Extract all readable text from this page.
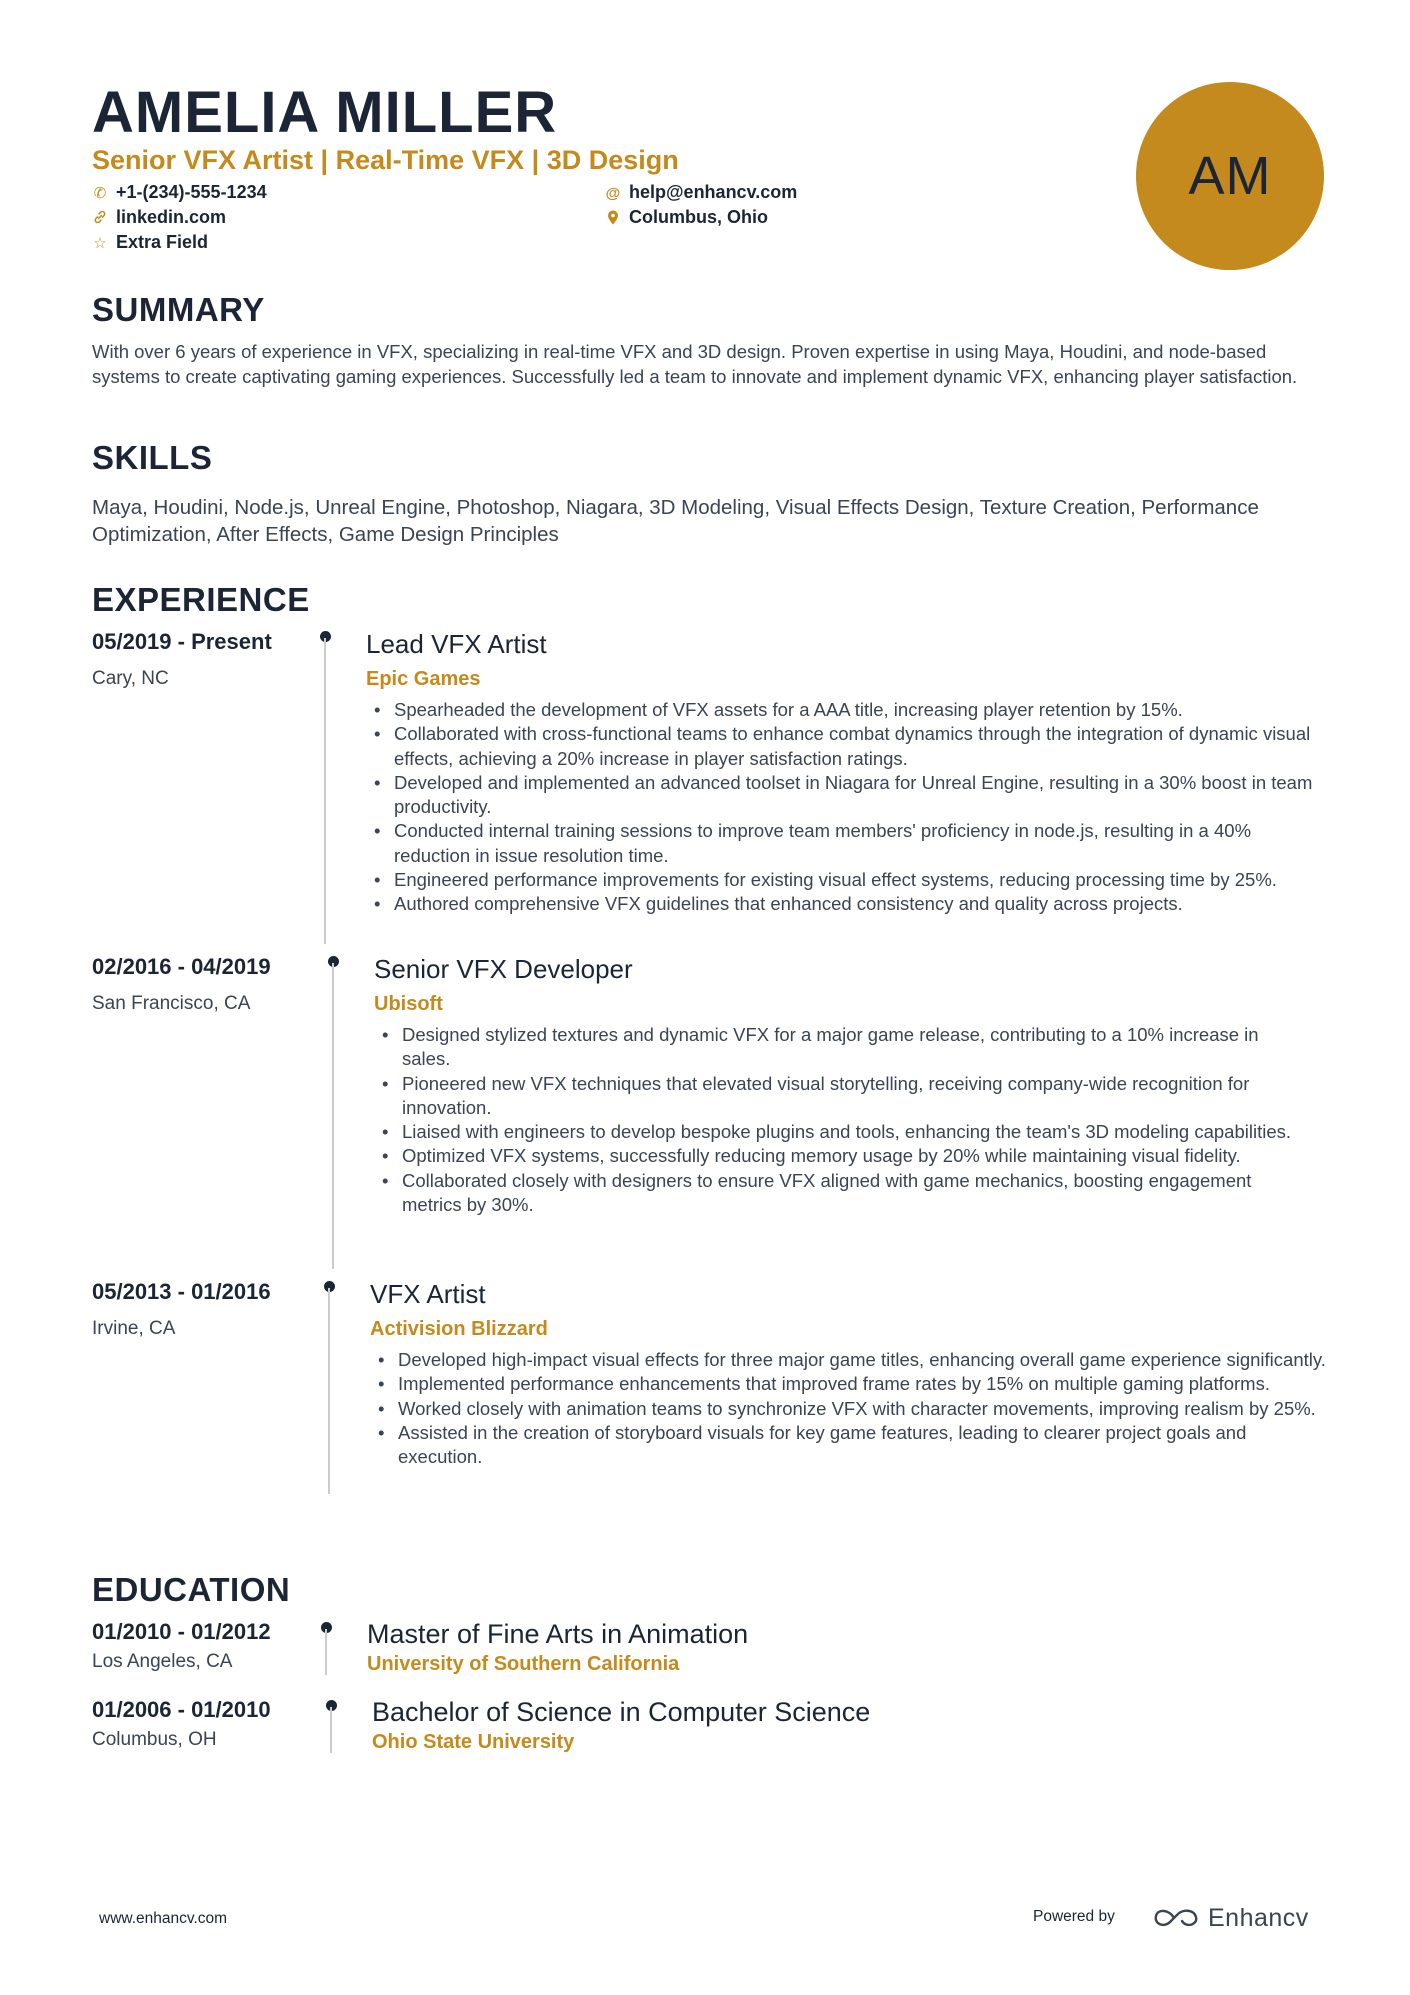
AMELIA MILLER
Senior VFX Artist | Real-Time VFX | 3D Design
✆ +1-(234)-555-1234	@ help@enhancv.com
linkedin.com	Columbus, Ohio
☆ Extra Field
AM
SUMMARY

With over 6 years of experience in VFX, specializing in real-time VFX and 3D design. Proven expertise in using Maya, Houdini, and node-based systems to create captivating gaming experiences. Successfully led a team to innovate and implement dynamic VFX, enhancing player satisfaction.

SKILLS

Maya, Houdini, Node.js, Unreal Engine, Photoshop, Niagara, 3D Modeling, Visual Effects Design, Texture Creation, Performance Optimization, After Effects, Game Design Principles

EXPERIENCE
05/2019 - Present
Cary, NC
Lead VFX Artist
Epic Games
• Spearheaded the development of VFX assets for a AAA title, increasing player retention by 15%.
• Collaborated with cross-functional teams to enhance combat dynamics through the integration of dynamic visual effects, achieving a 20% increase in player satisfaction ratings.
• Developed and implemented an advanced toolset in Niagara for Unreal Engine, resulting in a 30% boost in team productivity.
• Conducted internal training sessions to improve team members' proficiency in node.js, resulting in a 40% reduction in issue resolution time.
• Engineered performance improvements for existing visual effect systems, reducing processing time by 25%.
• Authored comprehensive VFX guidelines that enhanced consistency and quality across projects.
02/2016 - 04/2019
San Francisco, CA
Senior VFX Developer
Ubisoft
• Designed stylized textures and dynamic VFX for a major game release, contributing to a 10% increase in sales.
• Pioneered new VFX techniques that elevated visual storytelling, receiving company-wide recognition for innovation.
• Liaised with engineers to develop bespoke plugins and tools, enhancing the team's 3D modeling capabilities.
• Optimized VFX systems, successfully reducing memory usage by 20% while maintaining visual fidelity.
• Collaborated closely with designers to ensure VFX aligned with game mechanics, boosting engagement metrics by 30%.
05/2013 - 01/2016
Irvine, CA
VFX Artist
Activision Blizzard
• Developed high-impact visual effects for three major game titles, enhancing overall game experience significantly.
• Implemented performance enhancements that improved frame rates by 15% on multiple gaming platforms.
• Worked closely with animation teams to synchronize VFX with character movements, improving realism by 25%.
• Assisted in the creation of storyboard visuals for key game features, leading to clearer project goals and execution.
EDUCATION
01/2010 - 01/2012
Los Angeles, CA
Master of Fine Arts in Animation
University of Southern California
01/2006 - 01/2010
Columbus, OH
Bachelor of Science in Computer Science
Ohio State University
www.enhancv.com	Powered by	Enhancv
